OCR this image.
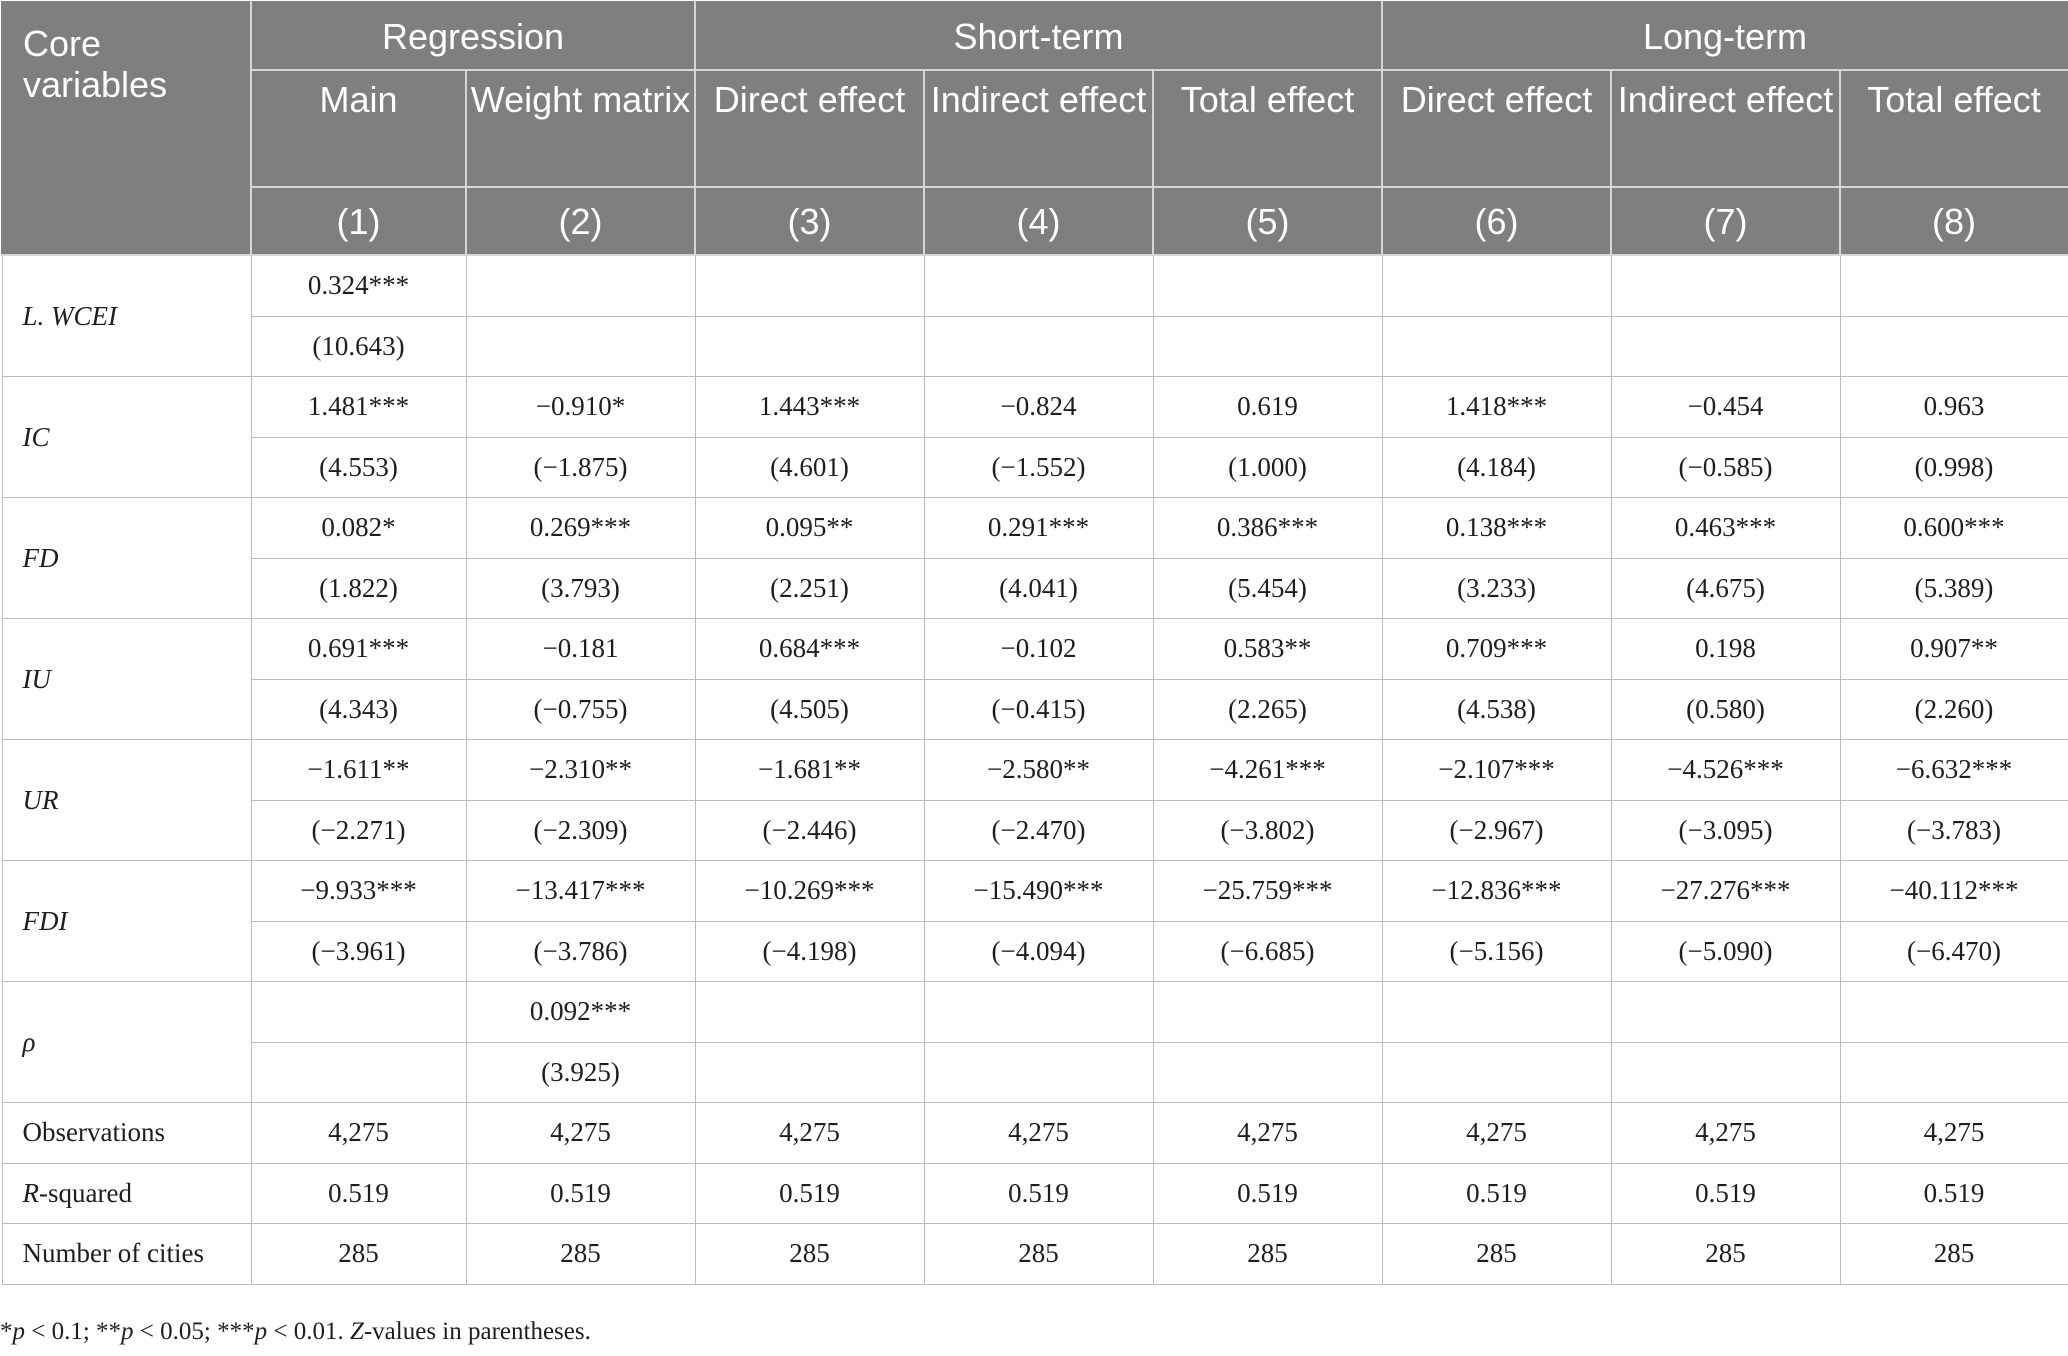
Core variables	Regression		Short-term			Long-term		
	Main	Weight matrix	Direct effect	Indirect effect	Total effect	Direct effect	Indirect effect	Total effect
	(1)	(2)	(3)	(4)	(5)	(6)	(7)	(8)
L. WCEI	0.324***							
	(10.643)							
IC	1.481***	−0.910*	1.443***	−0.824	0.619	1.418***	−0.454	0.963
	(4.553)	(−1.875)	(4.601)	(−1.552)	(1.000)	(4.184)	(−0.585)	(0.998)
FD	0.082*	0.269***	0.095**	0.291***	0.386***	0.138***	0.463***	0.600***
	(1.822)	(3.793)	(2.251)	(4.041)	(5.454)	(3.233)	(4.675)	(5.389)
IU	0.691***	−0.181	0.684***	−0.102	0.583**	0.709***	0.198	0.907**
	(4.343)	(−0.755)	(4.505)	(−0.415)	(2.265)	(4.538)	(0.580)	(2.260)
UR	−1.611**	−2.310**	−1.681**	−2.580**	−4.261***	−2.107***	−4.526***	−6.632***
	(−2.271)	(−2.309)	(−2.446)	(−2.470)	(−3.802)	(−2.967)	(−3.095)	(−3.783)
FDI	−9.933***	−13.417***	−10.269***	−15.490***	−25.759***	−12.836***	−27.276***	−40.112***
	(−3.961)	(−3.786)	(−4.198)	(−4.094)	(−6.685)	(−5.156)	(−5.090)	(−6.470)
ρ		0.092***						
		(3.925)						
Observations	4,275	4,275	4,275	4,275	4,275	4,275	4,275	4,275
R-squared	0.519	0.519	0.519	0.519	0.519	0.519	0.519	0.519
Number of cities	285	285	285	285	285	285	285	285
*p < 0.1; **p < 0.05; ***p < 0.01. Z-values in parentheses.
